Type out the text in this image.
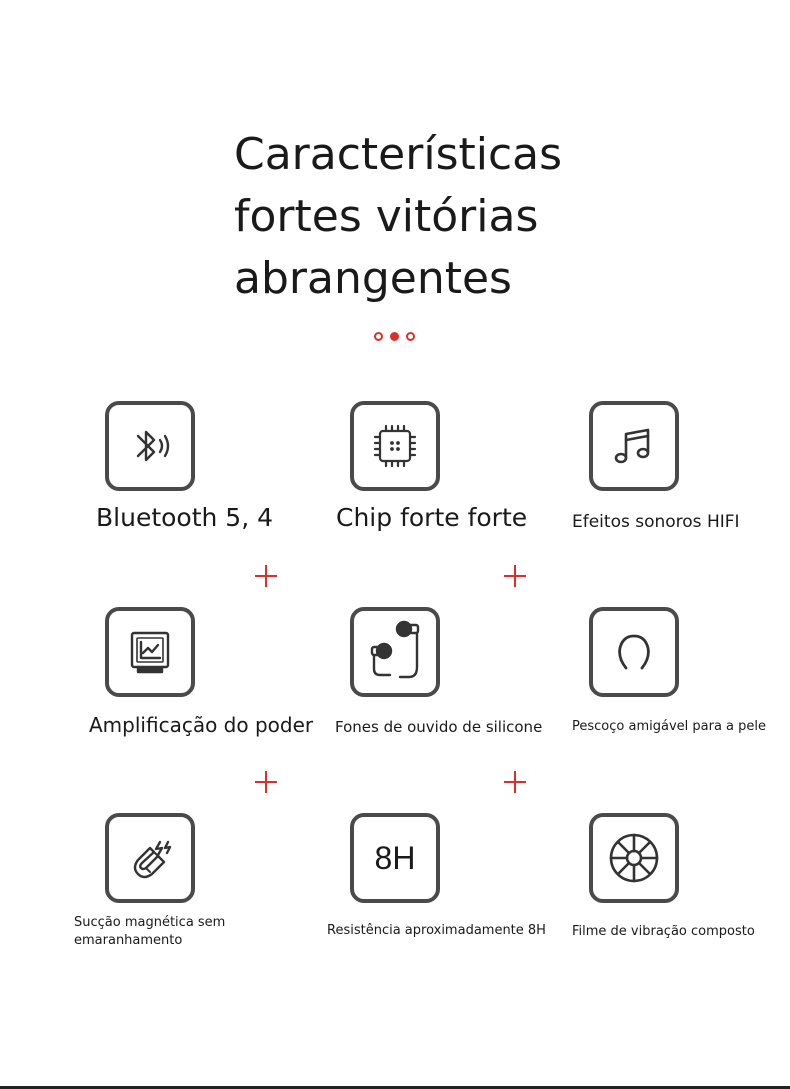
Características
fortes vitórias
abrangentes
Bluetooth 5, 4	Chip forte forte	Efeitos sonoros HIFI
Amplificação do poder Fones de ouvido de silicone Pescoço amigável para a pele
Sucção magnética sem
emaranhamento
8H
Resistência aproximadamente 8H Filme de vibração composto
